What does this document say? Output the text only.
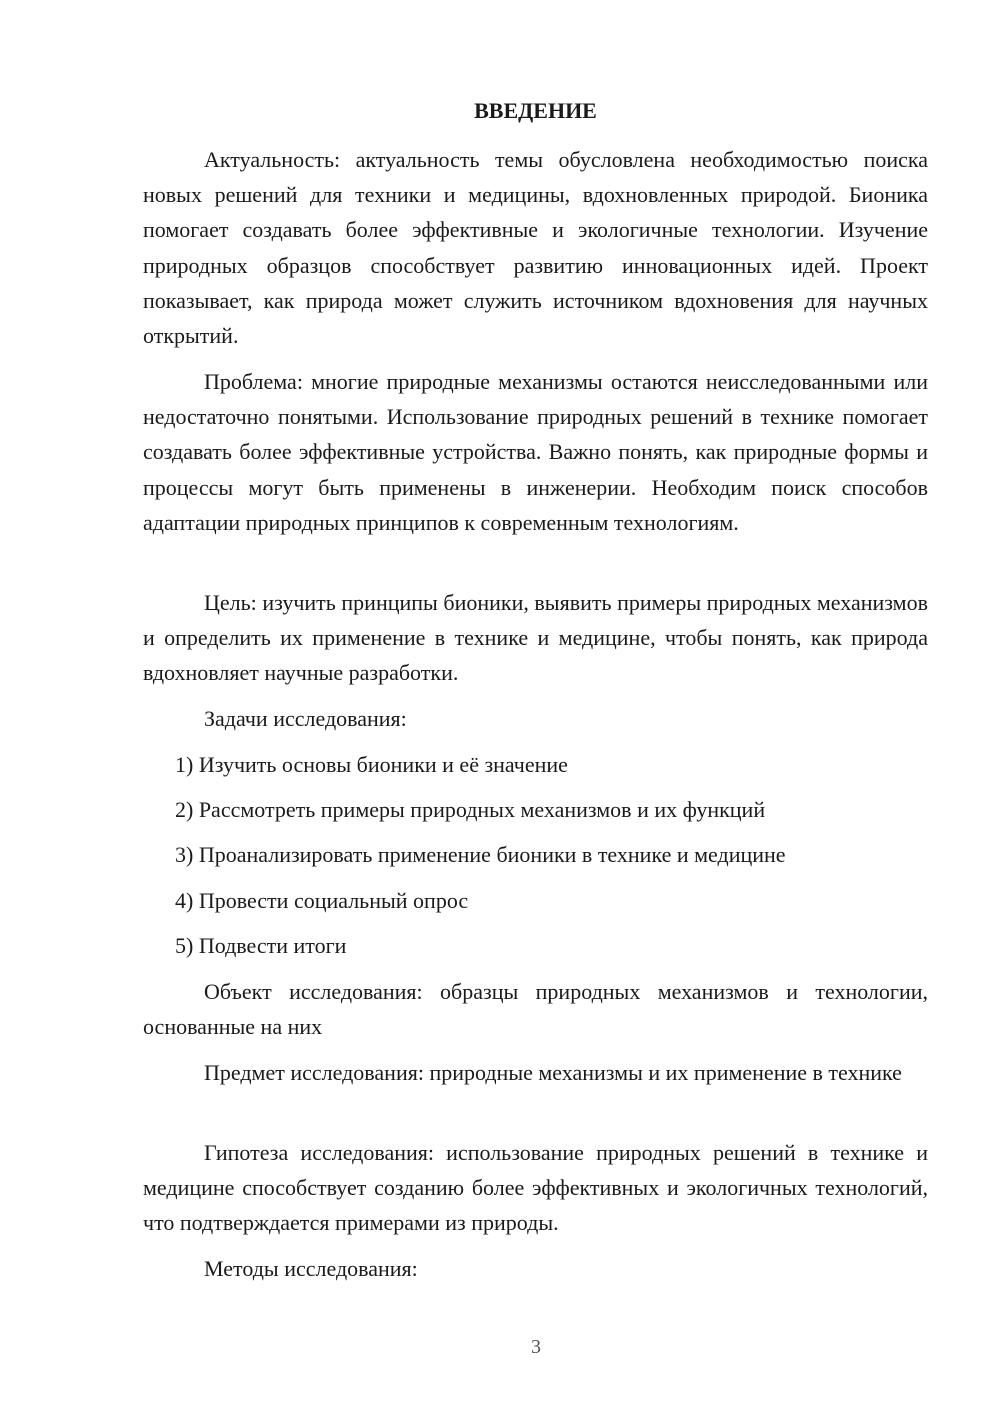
ВВЕДЕНИЕ

Актуальность: актуальность темы обусловлена необходимостью поиска новых решений для техники и медицины, вдохновленных природой. Бионика помогает создавать более эффективные и экологичные технологии. Изучение природных образцов способствует развитию инновационных идей. Проект показывает, как природа может служить источником вдохновения для научных открытий.

Проблема: многие природные механизмы остаются неисследованными или недостаточно понятыми. Использование природных решений в технике помогает создавать более эффективные устройства. Важно понять, как природные формы и процессы могут быть применены в инженерии. Необходим поиск способов адаптации природных принципов к современным технологиям.

Цель: изучить принципы бионики, выявить примеры природных механизмов и определить их применение в технике и медицине, чтобы понять, как природа вдохновляет научные разработки.

Задачи исследования:

1) Изучить основы бионики и её значение

2) Рассмотреть примеры природных механизмов и их функций

3) Проанализировать применение бионики в технике и медицине

4) Провести социальный опрос

5) Подвести итоги

Объект исследования: образцы природных механизмов и технологии, основанные на них

Предмет исследования: природные механизмы и их применение в технике

Гипотеза исследования: использование природных решений в технике и медицине способствует созданию более эффективных и экологичных технологий, что подтверждается примерами из природы.

Методы исследования:

3
